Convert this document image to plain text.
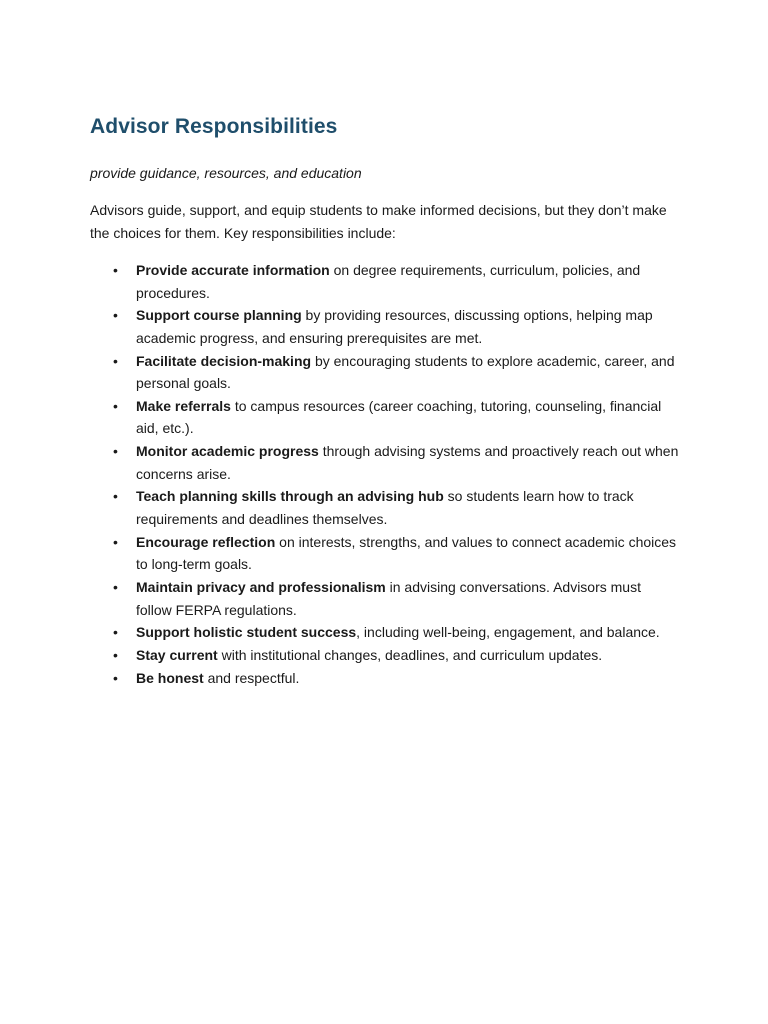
Advisor Responsibilities

provide guidance, resources, and education

Advisors guide, support, and equip students to make informed decisions, but they don’t make the choices for them. Key responsibilities include:

• Provide accurate information on degree requirements, curriculum, policies, and procedures.
• Support course planning by providing resources, discussing options, helping map academic progress, and ensuring prerequisites are met.
• Facilitate decision-making by encouraging students to explore academic, career, and personal goals.
• Make referrals to campus resources (career coaching, tutoring, counseling, financial aid, etc.).
• Monitor academic progress through advising systems and proactively reach out when concerns arise.
• Teach planning skills through an advising hub so students learn how to track requirements and deadlines themselves.
• Encourage reflection on interests, strengths, and values to connect academic choices to long-term goals.
• Maintain privacy and professionalism in advising conversations. Advisors must follow FERPA regulations.
• Support holistic student success, including well-being, engagement, and balance.
• Stay current with institutional changes, deadlines, and curriculum updates.
• Be honest and respectful.
